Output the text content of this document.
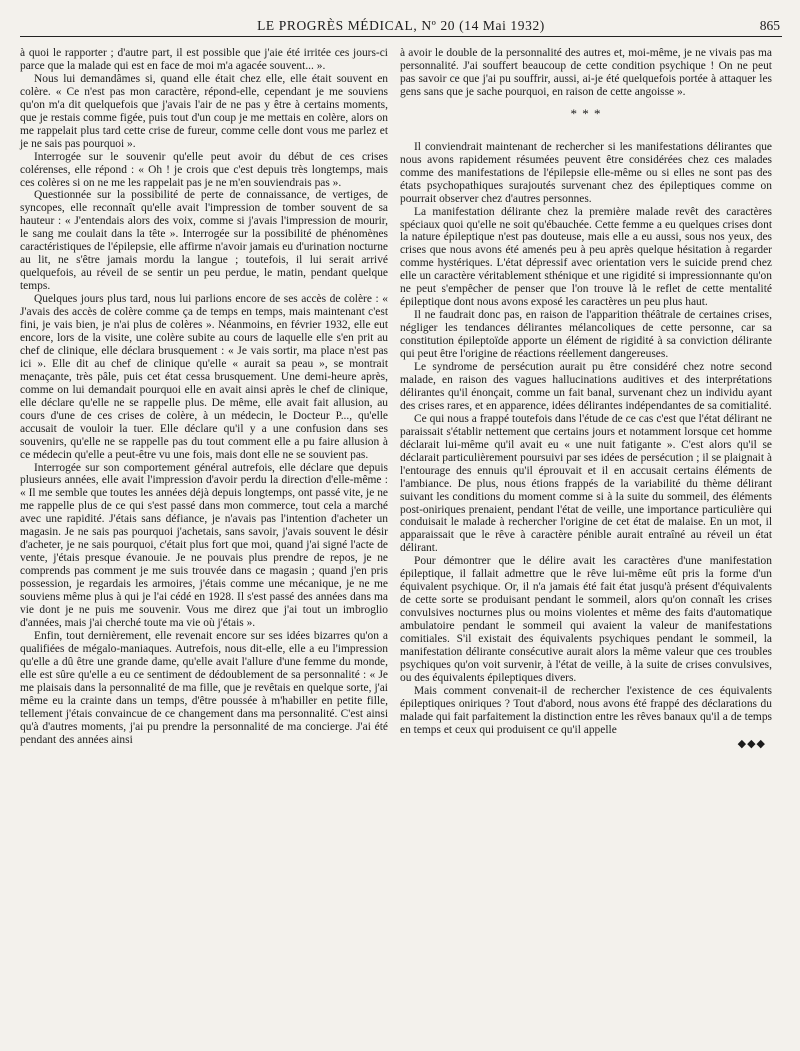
LE PROGRÈS MÉDICAL, Nº 20 (14 Mai 1932)	865

à quoi le rapporter ; d'autre part, il est possible que j'aie été irritée ces jours-ci parce que la malade qui est en face de moi m'a agacée souvent... ».

Nous lui demandâmes si, quand elle était chez elle, elle était souvent en colère. « Ce n'est pas mon caractère, répond-elle, cependant je me souviens qu'on m'a dit quelquefois que j'avais l'air de ne pas y être à certains moments, que je restais comme figée, puis tout d'un coup je me mettais en colère, alors on me rappelait plus tard cette crise de fureur, comme celle dont vous me parlez et je ne sais pas pourquoi ».

Interrogée sur le souvenir qu'elle peut avoir du début de ces crises colérenses, elle répond : « Oh ! je crois que c'est depuis très longtemps, mais ces colères si on ne me les rappelait pas je ne m'en souviendrais pas ».

Questionnée sur la possibilité de perte de connaissance, de vertiges, de syncopes, elle reconnaît qu'elle avait l'impression de tomber souvent de sa hauteur : « J'entendais alors des voix, comme si j'avais l'impression de mourir, le sang me coulait dans la tête ». Interrogée sur la possibilité de phénomènes caractéristiques de l'épilepsie, elle affirme n'avoir jamais eu d'urination nocturne au lit, ne s'être jamais mordu la langue ; toutefois, il lui serait arrivé quelquefois, au réveil de se sentir un peu perdue, le matin, pendant quelque temps.

Quelques jours plus tard, nous lui parlions encore de ses accès de colère : « J'avais des accès de colère comme ça de temps en temps, mais maintenant c'est fini, je vais bien, je n'ai plus de colères ». Néanmoins, en février 1932, elle eut encore, lors de la visite, une colère subite au cours de laquelle elle s'en prit au chef de clinique, elle déclara brusquement : « Je vais sortir, ma place n'est pas ici ». Elle dit au chef de clinique qu'elle « aurait sa peau », se montrait menaçante, très pâle, puis cet état cessa brusquement. Une demi-heure après, comme on lui demandait pourquoi elle en avait ainsi après le chef de clinique, elle déclare qu'elle ne se rappelle plus. De même, elle avait fait allusion, au cours d'une de ces crises de colère, à un médecin, le Docteur P..., qu'elle accusait de vouloir la tuer. Elle déclare qu'il y a une confusion dans ses souvenirs, qu'elle ne se rappelle pas du tout comment elle a pu faire allusion à ce médecin qu'elle a peut-être vu une fois, mais dont elle ne se souvient pas.

Interrogée sur son comportement général autrefois, elle déclare que depuis plusieurs années, elle avait l'impression d'avoir perdu la direction d'elle-même : « Il me semble que toutes les années déjà depuis longtemps, ont passé vite, je ne me rappelle plus de ce qui s'est passé dans mon commerce, tout cela a marché avec une rapidité. J'étais sans défiance, je n'avais pas l'intention d'acheter un magasin. Je ne sais pas pourquoi j'achetais, sans savoir, j'avais souvent le désir d'acheter, je ne sais pourquoi, c'était plus fort que moi, quand j'ai signé l'acte de vente, j'étais presque évanouie. Je ne pouvais plus prendre de repos, je ne comprends pas comment je me suis trouvée dans ce magasin ; quand j'en pris possession, je regardais les armoires, j'étais comme une mécanique, je ne me souviens même plus à qui je l'ai cédé en 1928. Il s'est passé des années dans ma vie dont je ne puis me souvenir. Vous me direz que j'ai tout un imbroglio d'années, mais j'ai cherché toute ma vie où j'étais ».

Enfin, tout dernièrement, elle revenait encore sur ses idées bizarres qu'on a qualifiées de mégalo-maniaques. Autrefois, nous dit-elle, elle a eu l'impression qu'elle a dû être une grande dame, qu'elle avait l'allure d'une femme du monde, elle est sûre qu'elle a eu ce sentiment de dédoublement de sa personnalité : « Je me plaisais dans la personnalité de ma fille, que je revêtais en quelque sorte, j'ai même eu la crainte dans un temps, d'être poussée à m'habiller en petite fille, tellement j'étais convaincue de ce changement dans ma personnalité. C'est ainsi qu'à d'autres moments, j'ai pu prendre la personnalité de ma concierge. J'ai été pendant des années ainsi

à avoir le double de la personnalité des autres et, moi-même, je ne vivais pas ma personnalité. J'ai souffert beaucoup de cette condition psychique ! On ne peut pas savoir ce que j'ai pu souffrir, aussi, ai-je été quelquefois portée à attaquer les gens sans que je sache pourquoi, en raison de cette angoisse ».

* * *

Il conviendrait maintenant de rechercher si les manifestations délirantes que nous avons rapidement résumées peuvent être considérées chez ces malades comme des manifestations de l'épilepsie elle-même ou si elles ne sont pas des états psychopathiques surajoutés survenant chez des épileptiques comme on pourrait observer chez d'autres personnes.

La manifestation délirante chez la première malade revêt des caractères spéciaux quoi qu'elle ne soit qu'ébauchée. Cette femme a eu quelques crises dont la nature épileptique n'est pas douteuse, mais elle a eu aussi, sous nos yeux, des crises que nous avons été amenés peu à peu après quelque hésitation à regarder comme hystériques. L'état dépressif avec orientation vers le suicide prend chez elle un caractère véritablement sthénique et une rigidité si impressionnante qu'on ne peut s'empêcher de penser que l'on trouve là le reflet de cette mentalité épileptique dont nous avons exposé les caractères un peu plus haut.

Il ne faudrait donc pas, en raison de l'apparition théâtrale de certaines crises, négliger les tendances délirantes mélancoliques de cette personne, car sa constitution épileptoïde apporte un élément de rigidité à sa conviction délirante qui peut être l'origine de réactions réellement dangereuses.

Le syndrome de persécution aurait pu être considéré chez notre second malade, en raison des vagues hallucinations auditives et des interprétations délirantes qu'il énonçait, comme un fait banal, survenant chez un individu ayant des crises rares, et en apparence, idées délirantes indépendantes de sa comitialité.

Ce qui nous a frappé toutefois dans l'étude de ce cas c'est que l'état délirant ne paraissait s'établir nettement que certains jours et notamment lorsque cet homme déclarait lui-même qu'il avait eu « une nuit fatigante ». C'est alors qu'il se déclarait particulièrement poursuivi par ses idées de persécution ; il se plaignait à l'entourage des ennuis qu'il éprouvait et il en accusait certains éléments de l'ambiance. De plus, nous étions frappés de la variabilité du thème délirant suivant les conditions du moment comme si à la suite du sommeil, des éléments post-oniriques prenaient, pendant l'état de veille, une importance particulière qui conduisait le malade à rechercher l'origine de cet état de malaise. En un mot, il apparaissait que le rêve à caractère pénible aurait entraîné au réveil un état délirant.

Pour démontrer que le délire avait les caractères d'une manifestation épileptique, il fallait admettre que le rêve lui-même eût pris la forme d'un équivalent psychique. Or, il n'a jamais été fait état jusqu'à présent d'équivalents de cette sorte se produisant pendant le sommeil, alors qu'on connaît les crises convulsives nocturnes plus ou moins violentes et même des faits d'automatique ambulatoire pendant le sommeil qui avaient la valeur de manifestations comitiales. S'il existait des équivalents psychiques pendant le sommeil, la manifestation délirante consécutive aurait alors la même valeur que ces troubles psychiques qu'on voit survenir, à l'état de veille, à la suite de crises convulsives, ou des équivalents épileptiques divers.

Mais comment convenait-il de rechercher l'existence de ces équivalents épileptiques oniriques ? Tout d'abord, nous avons été frappé des déclarations du malade qui fait parfaitement la distinction entre les rêves banaux qu'il a de temps en temps et ceux qui produisent ce qu'il appelle

◆◆◆
